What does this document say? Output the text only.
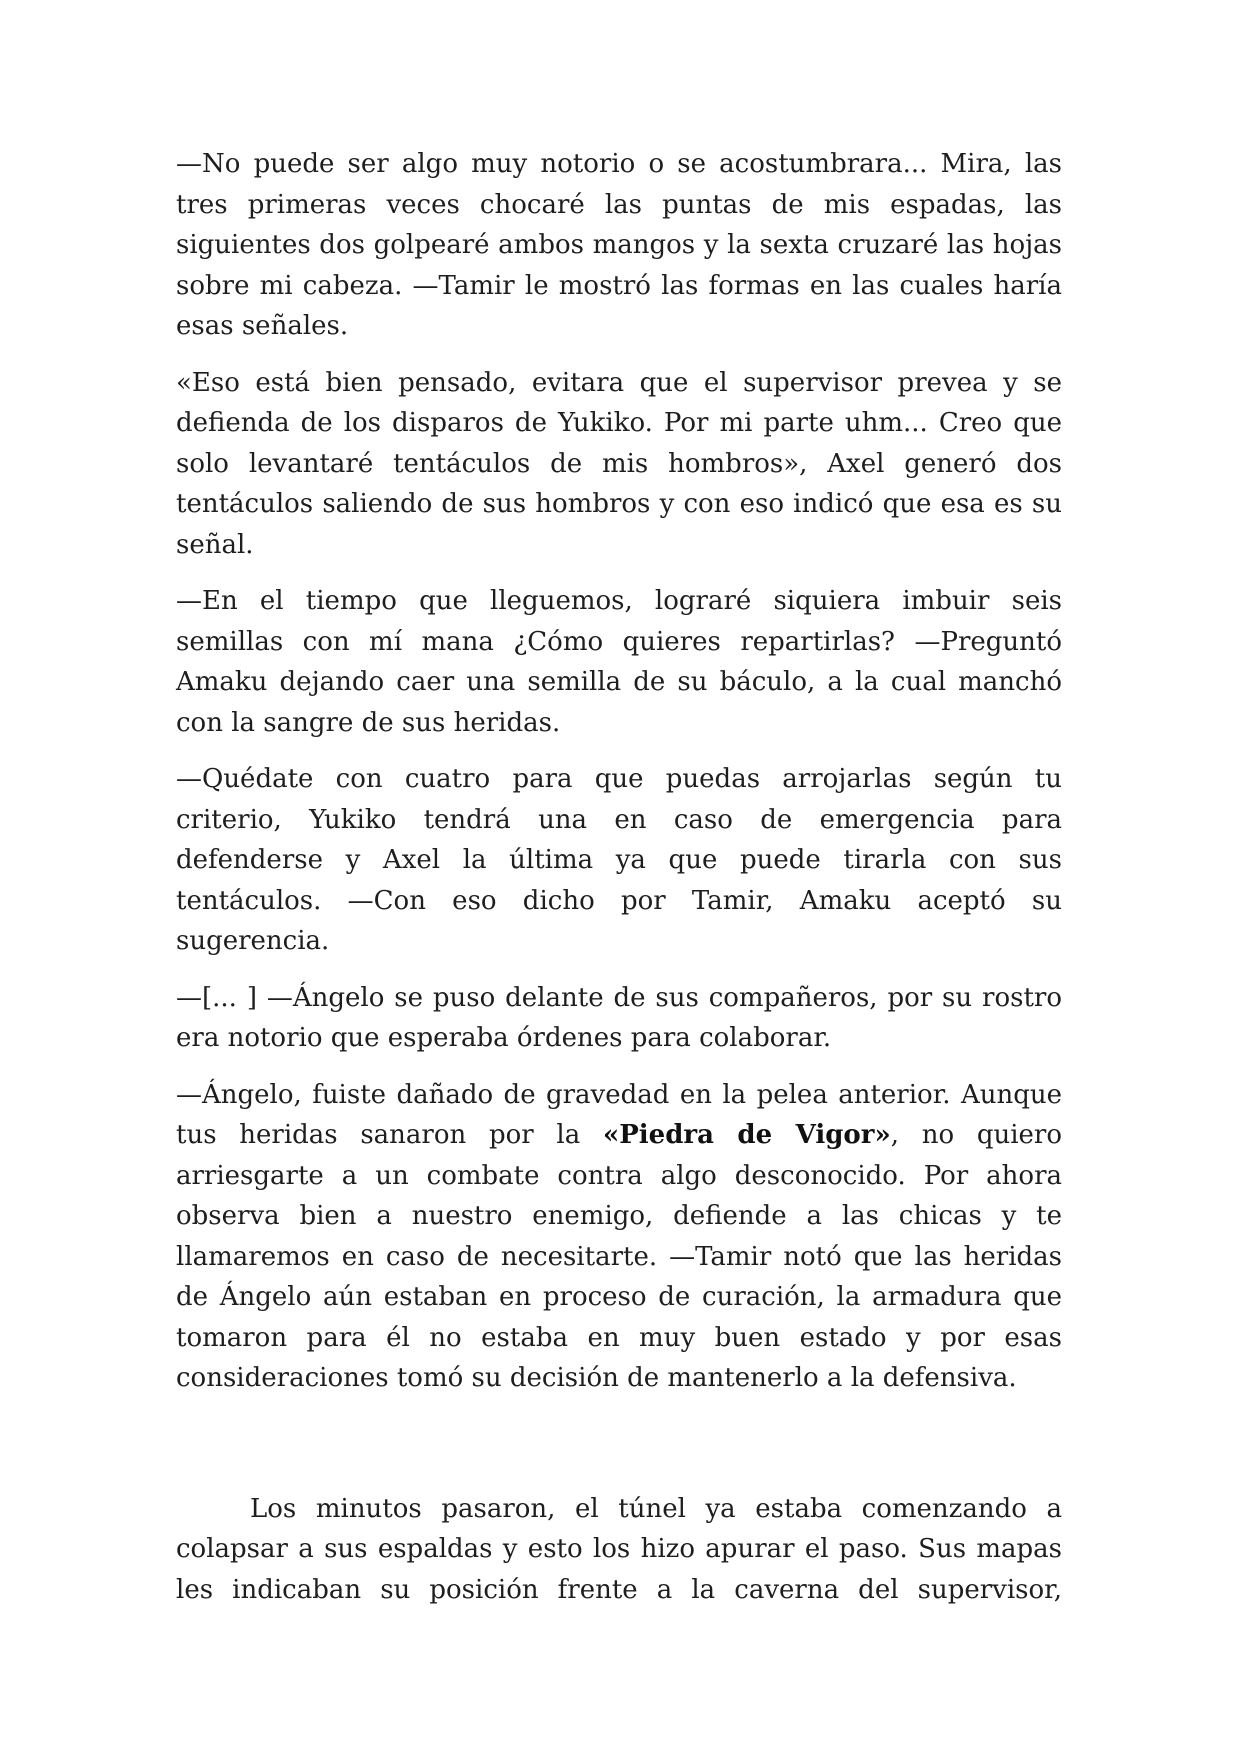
—No puede ser algo muy notorio o se acostumbrara... Mira, las tres primeras veces chocaré las puntas de mis espadas, las siguientes dos golpearé ambos mangos y la sexta cruzaré las hojas sobre mi cabeza. —Tamir le mostró las formas en las cuales haría esas señales.

«Eso está bien pensado, evitara que el supervisor prevea y se defienda de los disparos de Yukiko. Por mi parte uhm... Creo que solo levantaré tentáculos de mis hombros», Axel generó dos tentáculos saliendo de sus hombros y con eso indicó que esa es su señal.

—En el tiempo que lleguemos, lograré siquiera imbuir seis semillas con mí mana ¿Cómo quieres repartirlas? —Preguntó Amaku dejando caer una semilla de su báculo, a la cual manchó con la sangre de sus heridas.

—Quédate con cuatro para que puedas arrojarlas según tu criterio, Yukiko tendrá una en caso de emergencia para defenderse y Axel la última ya que puede tirarla con sus tentáculos. —Con eso dicho por Tamir, Amaku aceptó su sugerencia.

—[... ] —Ángelo se puso delante de sus compañeros, por su rostro era notorio que esperaba órdenes para colaborar.

—Ángelo, fuiste dañado de gravedad en la pelea anterior. Aunque tus heridas sanaron por la «Piedra de Vigor», no quiero arriesgarte a un combate contra algo desconocido. Por ahora observa bien a nuestro enemigo, defiende a las chicas y te llamaremos en caso de necesitarte. —Tamir notó que las heridas de Ángelo aún estaban en proceso de curación, la armadura que tomaron para él no estaba en muy buen estado y por esas consideraciones tomó su decisión de mantenerlo a la defensiva.

Los minutos pasaron, el túnel ya estaba comenzando a colapsar a sus espaldas y esto los hizo apurar el paso. Sus mapas les indicaban su posición frente a la caverna del supervisor,
